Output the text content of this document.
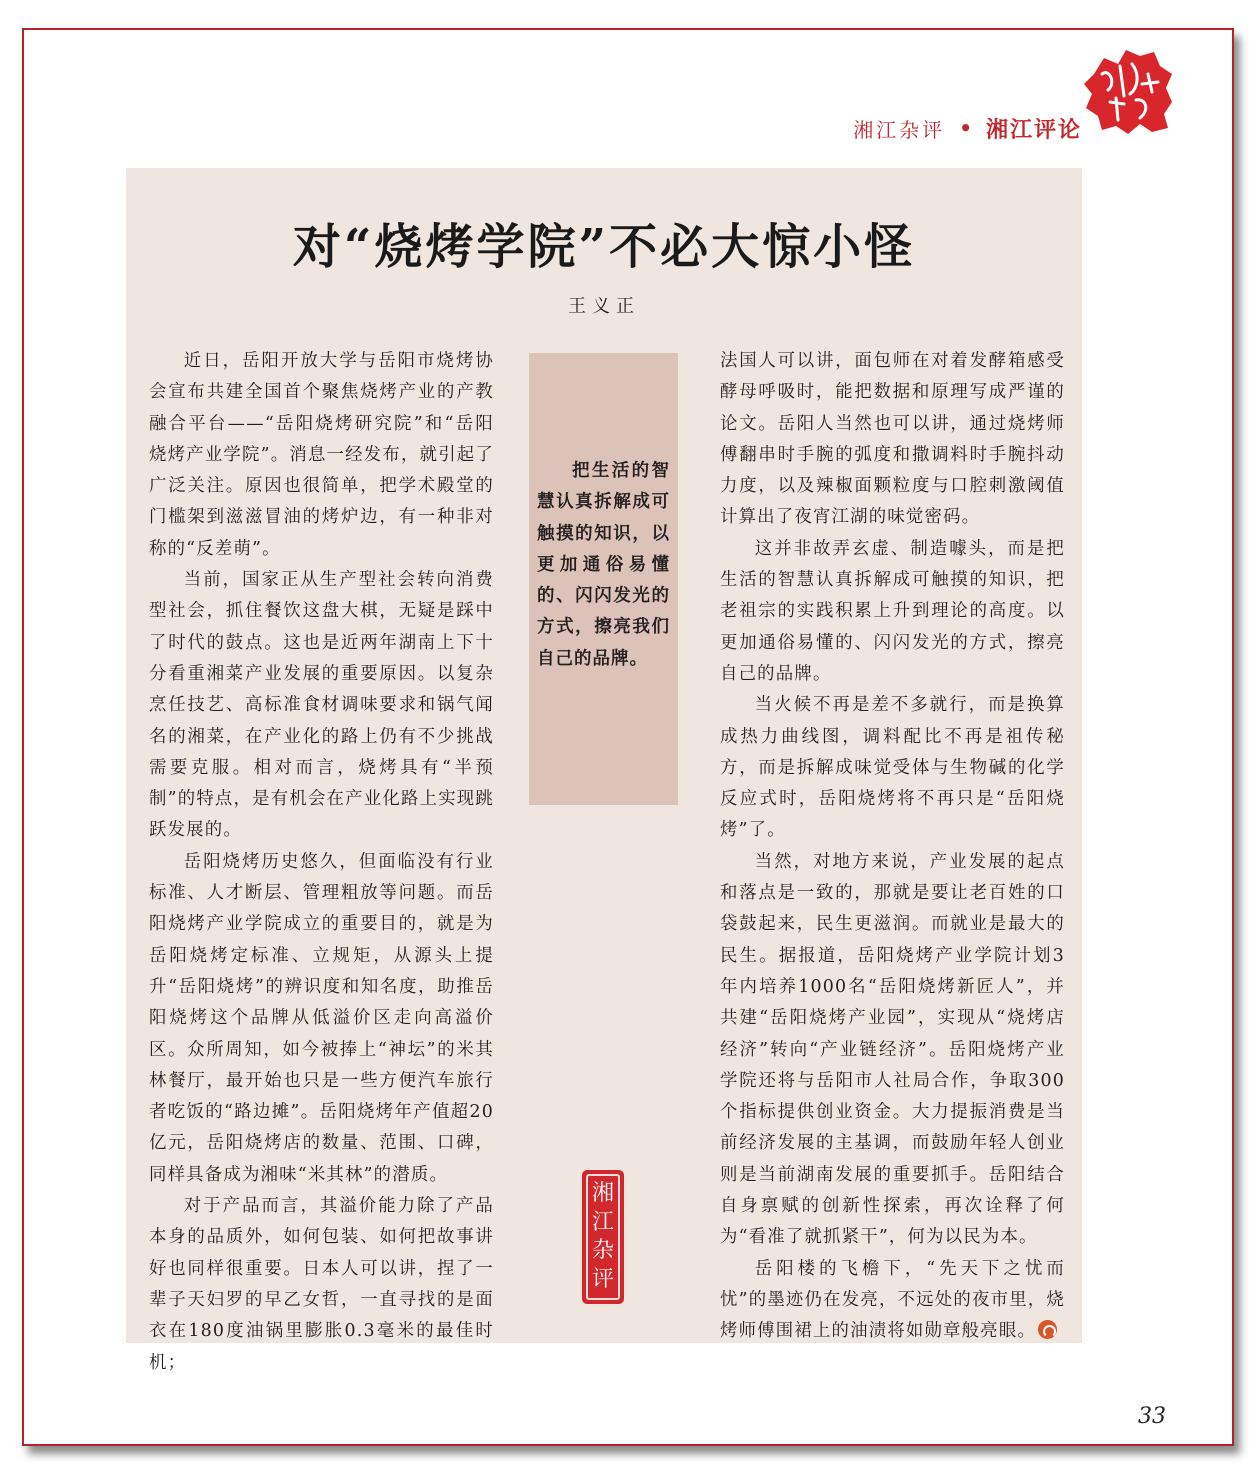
湘江杂评 • 湘江评论
对“烧烤学院”不必大惊小怪
王义正

近日，岳阳开放大学与岳阳市烧烤协会宣布共建全国首个聚焦烧烤产业的产教融合平台——“岳阳烧烤研究院”和“岳阳烧烤产业学院”。消息一经发布，就引起了广泛关注。原因也很简单，把学术殿堂的门槛架到滋滋冒油的烤炉边，有一种非对称的“反差萌”。

当前，国家正从生产型社会转向消费型社会，抓住餐饮这盘大棋，无疑是踩中了时代的鼓点。这也是近两年湖南上下十分看重湘菜产业发展的重要原因。以复杂烹任技艺、高标准食材调味要求和锅气闻名的湘菜，在产业化的路上仍有不少挑战需要克服。相对而言，烧烤具有“半预制”的特点，是有机会在产业化路上实现跳跃发展的。

岳阳烧烤历史悠久，但面临没有行业标准、人才断层、管理粗放等问题。而岳阳烧烤产业学院成立的重要目的，就是为岳阳烧烤定标准、立规矩，从源头上提升“岳阳烧烤”的辨识度和知名度，助推岳阳烧烤这个品牌从低溢价区走向高溢价区。众所周知，如今被捧上“神坛”的米其林餐厅，最开始也只是一些方便汽车旅行者吃饭的“路边摊”。岳阳烧烤年产值超20亿元，岳阳烧烤店的数量、范围、口碑，同样具备成为湘味“米其林”的潜质。

对于产品而言，其溢价能力除了产品本身的品质外，如何包装、如何把故事讲好也同样很重要。日本人可以讲，捏了一辈子天妇罗的早乙女哲，一直寻找的是面衣在180度油锅里膨胀0.3毫米的最佳时机；

把生活的智慧认真拆解成可触摸的知识，以更加通俗易懂的、闪闪发光的方式，擦亮我们自己的品牌。

法国人可以讲，面包师在对着发酵箱感受酵母呼吸时，能把数据和原理写成严谨的论文。岳阳人当然也可以讲，通过烧烤师傅翻串时手腕的弧度和撒调料时手腕抖动力度，以及辣椒面颗粒度与口腔刺激阈值计算出了夜宵江湖的味觉密码。

这并非故弄玄虚、制造噱头，而是把生活的智慧认真拆解成可触摸的知识，把老祖宗的实践积累上升到理论的高度。以更加通俗易懂的、闪闪发光的方式，擦亮自己的品牌。

当火候不再是差不多就行，而是换算成热力曲线图，调料配比不再是祖传秘方，而是拆解成味觉受体与生物碱的化学反应式时，岳阳烧烤将不再只是“岳阳烧烤”了。

当然，对地方来说，产业发展的起点和落点是一致的，那就是要让老百姓的口袋鼓起来，民生更滋润。而就业是最大的民生。据报道，岳阳烧烤产业学院计划3年内培养1000名“岳阳烧烤新匠人”，并共建“岳阳烧烤产业园”，实现从“烧烤店经济”转向“产业链经济”。岳阳烧烤产业学院还将与岳阳市人社局合作，争取300个指标提供创业资金。大力提振消费是当前经济发展的主基调，而鼓励年轻人创业则是当前湖南发展的重要抓手。岳阳结合自身禀赋的创新性探索，再次诠释了何为“看准了就抓紧干”，何为以民为本。

岳阳楼的飞檐下，“先天下之忧而忧”的墨迹仍在发亮，不远处的夜市里，烧烤师傅围裙上的油渍将如勋章般亮眼。

湘
江
杂
评
33
